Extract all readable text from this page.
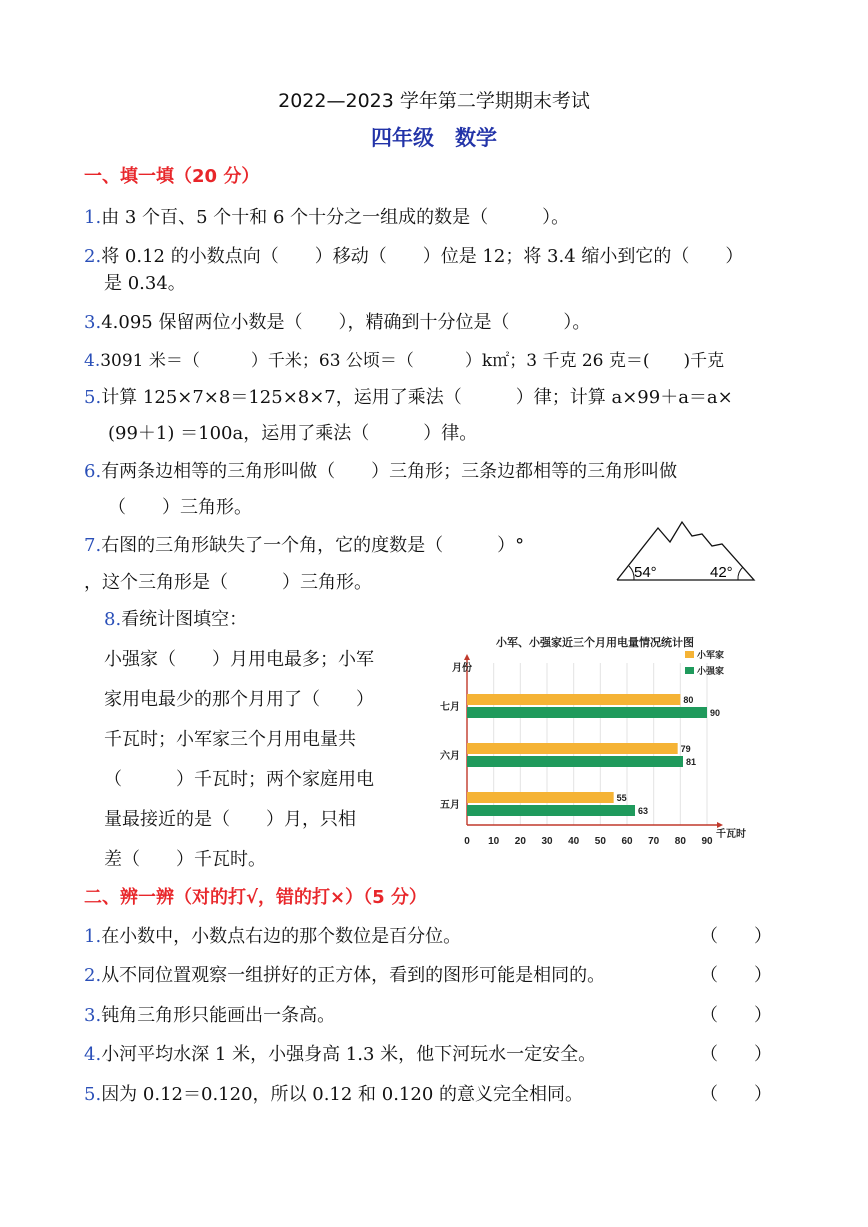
2022—2023 学年第二学期期末考试
四年级　数学
一、填一填（20 分）
1.由 3 个百、5 个十和 6 个十分之一组成的数是（　　　）。
2.将 0.12 的小数点向（　　）移动（　　）位是 12；将 3.4 缩小到它的（　　）
是 0.34。
3.4.095 保留两位小数是（　　），精确到十分位是（　　　）。
4.3091 米＝（　　　）千米；63 公顷＝（　　　）k㎡；3 千克 26 克＝(　　)千克
5.计算 125×7×8＝125×8×7，运用了乘法（　　　）律；计算 a×99＋a＝a×
(99＋1) ＝100a，运用了乘法（　　　）律。
6.有两条边相等的三角形叫做（　　）三角形；三条边都相等的三角形叫做
（　　）三角形。
7.右图的三角形缺失了一个角，它的度数是（　　　）°
，这个三角形是（　　　）三角形。	54°	42°
8.看统计图填空：
小强家（　　）月用电最多；小军
家用电最少的那个月用了（　　）
千瓦时；小军家三个月用电量共
（　　　）千瓦时；两个家庭用电
量最接近的是（　　）月，只相
差（　　）千瓦时。
小军、小强家近三个月用电量情况统计图
月份
千瓦时
0 10 20 30 40 50 60 70 80 90
小军家
小强家
七月
80
90
六月
79
81
五月
55
63
二、辨一辨（对的打√，错的打×）（5 分）
1.在小数中，小数点右边的那个数位是百分位。	（　　）
2.从不同位置观察一组拼好的正方体，看到的图形可能是相同的。	（　　）
3.钝角三角形只能画出一条高。	（　　）
4.小河平均水深 1 米，小强身高 1.3 米，他下河玩水一定安全。	（　　）
5.因为 0.12＝0.120，所以 0.12 和 0.120 的意义完全相同。	（　　）
